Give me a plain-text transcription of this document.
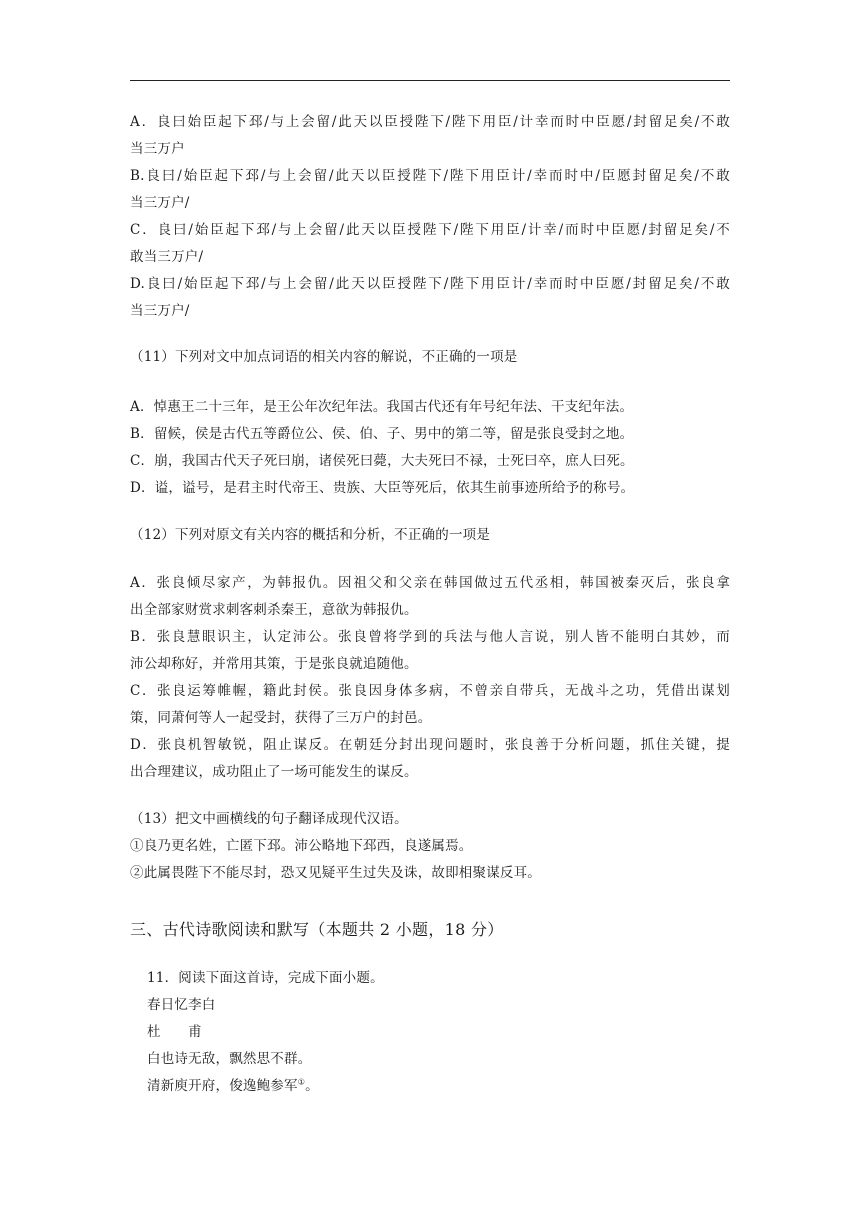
A．良曰始臣起下邳/与上会留/此天以臣授陛下/陛下用臣/计幸而时中臣愿/封留足矣/不敢
当三万户
B.良曰/始臣起下邳/与上会留/此天以臣授陛下/陛下用臣计/幸而时中/臣愿封留足矣/不敢
当三万户/
C．良曰/始臣起下邳/与上会留/此天以臣授陛下/陛下用臣/计幸/而时中臣愿/封留足矣/不
敢当三万户/
D.良曰/始臣起下邳/与上会留/此天以臣授陛下/陛下用臣计/幸而时中臣愿/封留足矣/不敢
当三万户/
（11）下列对文中加点词语的相关内容的解说，不正确的一项是
A．悼惠王二十三年，是王公年次纪年法。我国古代还有年号纪年法、干支纪年法。
B．留候，侯是古代五等爵位公、侯、伯、子、男中的第二等，留是张良受封之地。
C．崩，我国古代天子死曰崩，诸侯死曰薨，大夫死曰不禄，士死曰卒，庶人曰死。
D．谥，谥号，是君主时代帝王、贵族、大臣等死后，依其生前事迹所给予的称号。
（12）下列对原文有关内容的概括和分析，不正确的一项是
A．张良倾尽家产，为韩报仇。因祖父和父亲在韩国做过五代丞相，韩国被秦灭后，张良拿
出全部家财赏求刺客刺杀秦王，意欲为韩报仇。
B．张良慧眼识主，认定沛公。张良曾将学到的兵法与他人言说，别人皆不能明白其妙，而
沛公却称好，并常用其策，于是张良就追随他。
C．张良运筹帷幄，籍此封侯。张良因身体多病，不曾亲自带兵，无战斗之功，凭借出谋划
策，同萧何等人一起受封，获得了三万户的封邑。
D．张良机智敏锐，阻止谋反。在朝廷分封出现问题时，张良善于分析问题，抓住关键，提
出合理建议，成功阻止了一场可能发生的谋反。
（13）把文中画横线的句子翻译成现代汉语。
①良乃更名姓，亡匿下邳。沛公略地下邳西，良遂属焉。
②此属畏陛下不能尽封，恐又见疑平生过失及诛，故即相聚谋反耳。
三、古代诗歌阅读和默写（本题共 2 小题，18 分）
11．阅读下面这首诗，完成下面小题。
春日忆李白
杜　　甫
白也诗无敌，飘然思不群。
清新庾开府，俊逸鲍参军①。
